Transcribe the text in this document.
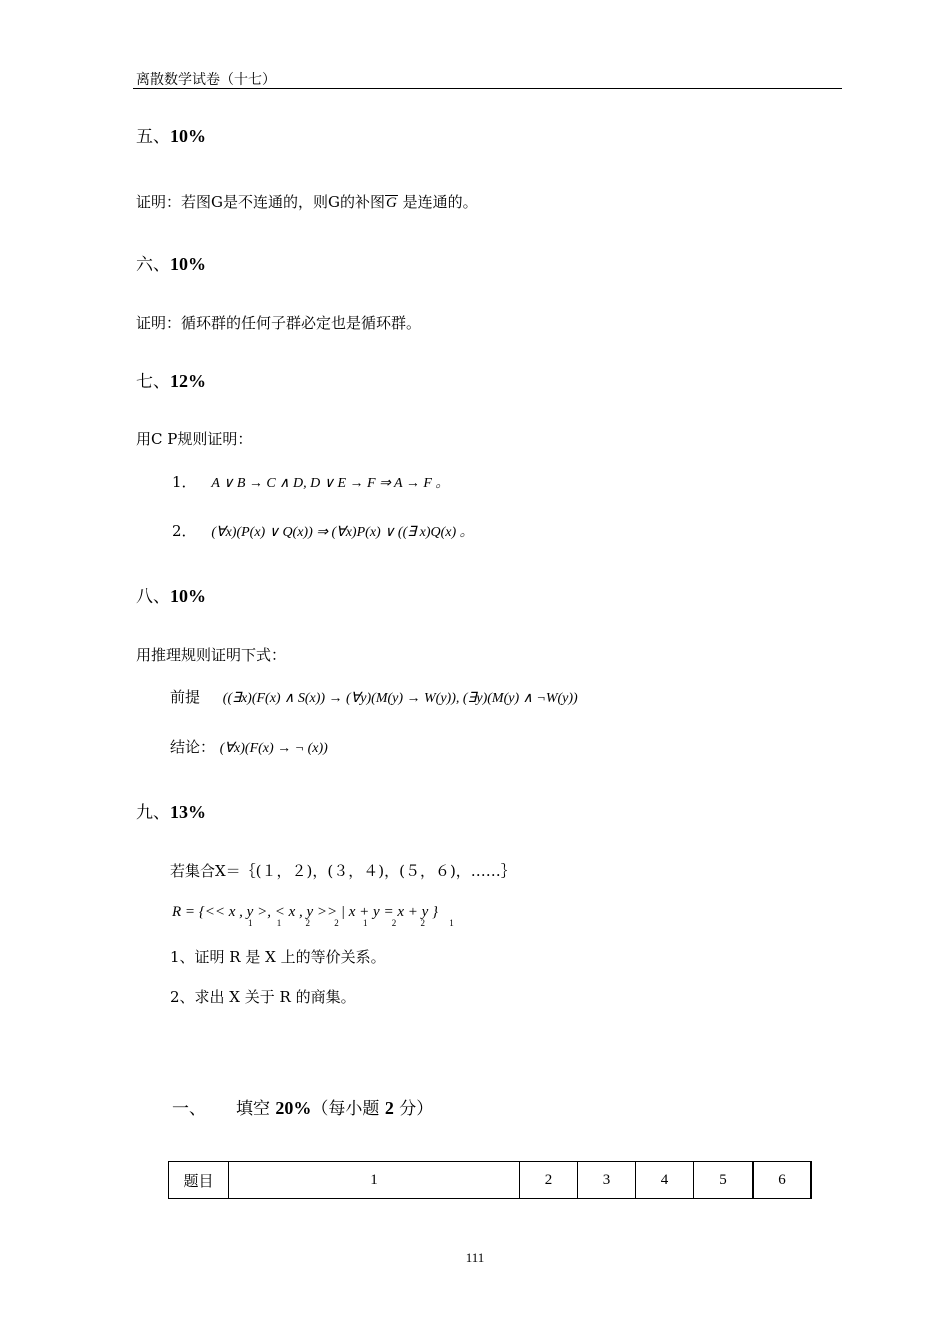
离散数学试卷（十七）
五、10%
证明：若图G是不连通的，则G的补图G 是连通的。
六、10%
证明：循环群的任何子群必定也是循环群。
七、12%
用C P规则证明：
1． A ∨ B → C ∧ D, D ∨ E → F ⇒ A → F 。
2． (∀x)(P(x) ∨ Q(x)) ⇒ (∀x)P(x) ∨ ((∃ x)Q(x) 。
八、10%
用推理规则证明下式：
前提 ((∃x)(F(x) ∧ S(x)) → (∀y)(M(y) → W(y)), (∃y)(M(y) ∧ ¬W(y))
结论： (∀x)(F(x) → ¬ (x))
九、13%
若集合X＝｛(１，２)，(３，４)，(５，６)，……｝
R = {<< x , y >, < x , y >> | x + y = x + y }
1 1 2 2 1 2 2 1
1、证明 R 是 X 上的等价关系。
2、求出 X 关于 R 的商集。
一、 填空 20%（每小题 2 分）
题目	1	2	3	4	5	6
111
